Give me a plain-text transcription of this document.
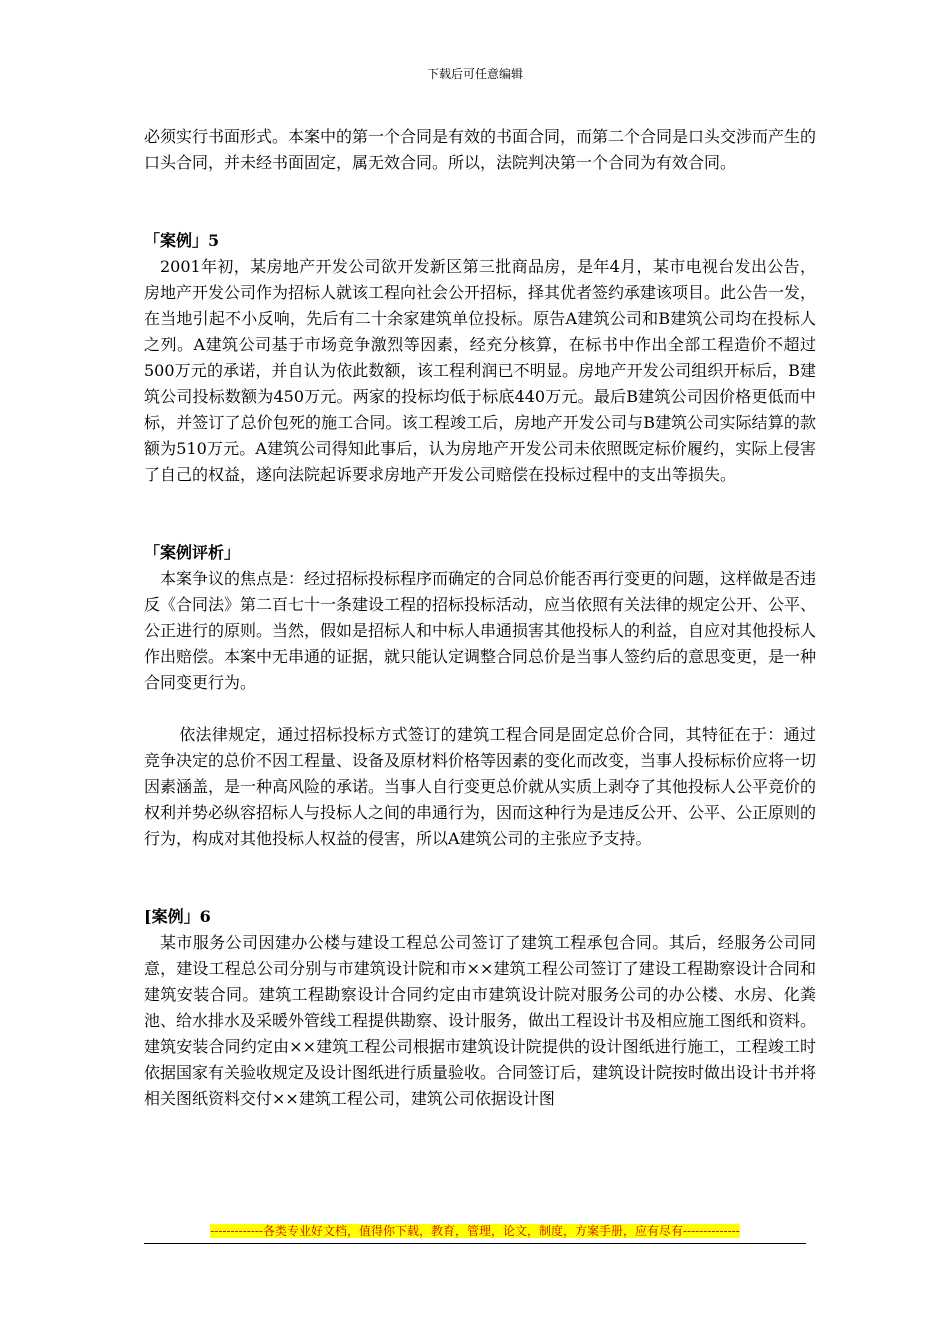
下载后可任意编辑

必须实行书面形式。本案中的第一个合同是有效的书面合同，而第二个合同是口头交涉而产生的口头合同，并未经书面固定，属无效合同。所以，法院判决第一个合同为有效合同。

「案例」5

2001年初，某房地产开发公司欲开发新区第三批商品房，是年4月，某市电视台发出公告，房地产开发公司作为招标人就该工程向社会公开招标，择其优者签约承建该项目。此公告一发，在当地引起不小反响，先后有二十余家建筑单位投标。原告A建筑公司和B建筑公司均在投标人之列。A建筑公司基于市场竞争激烈等因素，经充分核算，在标书中作出全部工程造价不超过500万元的承诺，并自认为依此数额，该工程利润已不明显。房地产开发公司组织开标后，B建筑公司投标数额为450万元。两家的投标均低于标底440万元。最后B建筑公司因价格更低而中标，并签订了总价包死的施工合同。该工程竣工后，房地产开发公司与B建筑公司实际结算的款额为510万元。A建筑公司得知此事后，认为房地产开发公司未依照既定标价履约，实际上侵害了自己的权益，遂向法院起诉要求房地产开发公司赔偿在投标过程中的支出等损失。

「案例评析」

本案争议的焦点是：经过招标投标程序而确定的合同总价能否再行变更的问题，这样做是否违反《合同法》第二百七十一条建设工程的招标投标活动，应当依照有关法律的规定公开、公平、公正进行的原则。当然，假如是招标人和中标人串通损害其他投标人的利益，自应对其他投标人作出赔偿。本案中无串通的证据，就只能认定调整合同总价是当事人签约后的意思变更，是一种合同变更行为。

依法律规定，通过招标投标方式签订的建筑工程合同是固定总价合同，其特征在于：通过竞争决定的总价不因工程量、设备及原材料价格等因素的变化而改变，当事人投标标价应将一切因素涵盖，是一种高风险的承诺。当事人自行变更总价就从实质上剥夺了其他投标人公平竞价的权利并势必纵容招标人与投标人之间的串通行为，因而这种行为是违反公开、公平、公正原则的行为，构成对其他投标人权益的侵害，所以A建筑公司的主张应予支持。

[案例」6

某市服务公司因建办公楼与建设工程总公司签订了建筑工程承包合同。其后，经服务公司同意，建设工程总公司分别与市建筑设计院和市××建筑工程公司签订了建设工程勘察设计合同和建筑安装合同。建筑工程勘察设计合同约定由市建筑设计院对服务公司的办公楼、水房、化粪池、给水排水及采暖外管线工程提供勘察、设计服务，做出工程设计书及相应施工图纸和资料。建筑安装合同约定由××建筑工程公司根据市建筑设计院提供的设计图纸进行施工，工程竣工时依据国家有关验收规定及设计图纸进行质量验收。合同签订后，建筑设计院按时做出设计书并将相关图纸资料交付××建筑工程公司，建筑公司依据设计图

-------------各类专业好文档，值得你下载，教育，管理，论文，制度，方案手册，应有尽有--------------
